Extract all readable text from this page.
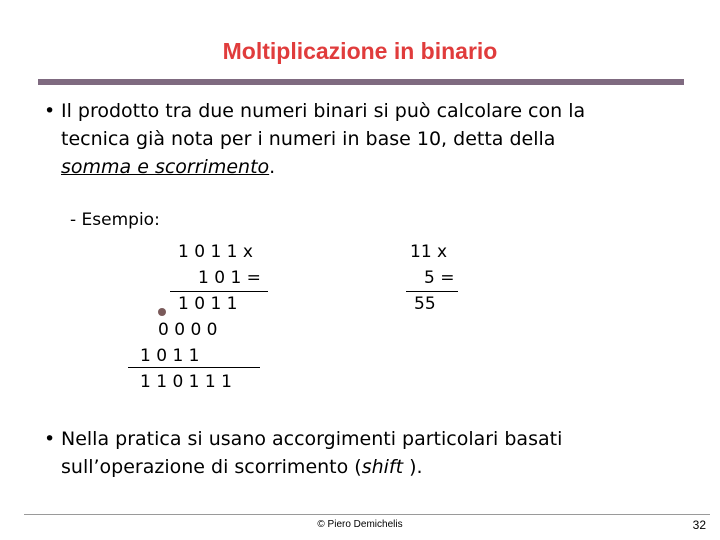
Moltiplicazione in binario
• Il prodotto tra due numeri binari si può calcolare con la
tecnica già nota per i numeri in base 10, detta della
somma e scorrimento.
- Esempio:
1 0 1 1 x
1 0 1 =
1 0 1 1
0 0 0 0
1 0 1 1
1 1 0 1 1 1
11 x
5 =
55
• Nella pratica si usano accorgimenti particolari basati
sull’operazione di scorrimento (shift ).
© Piero Demichelis	32
